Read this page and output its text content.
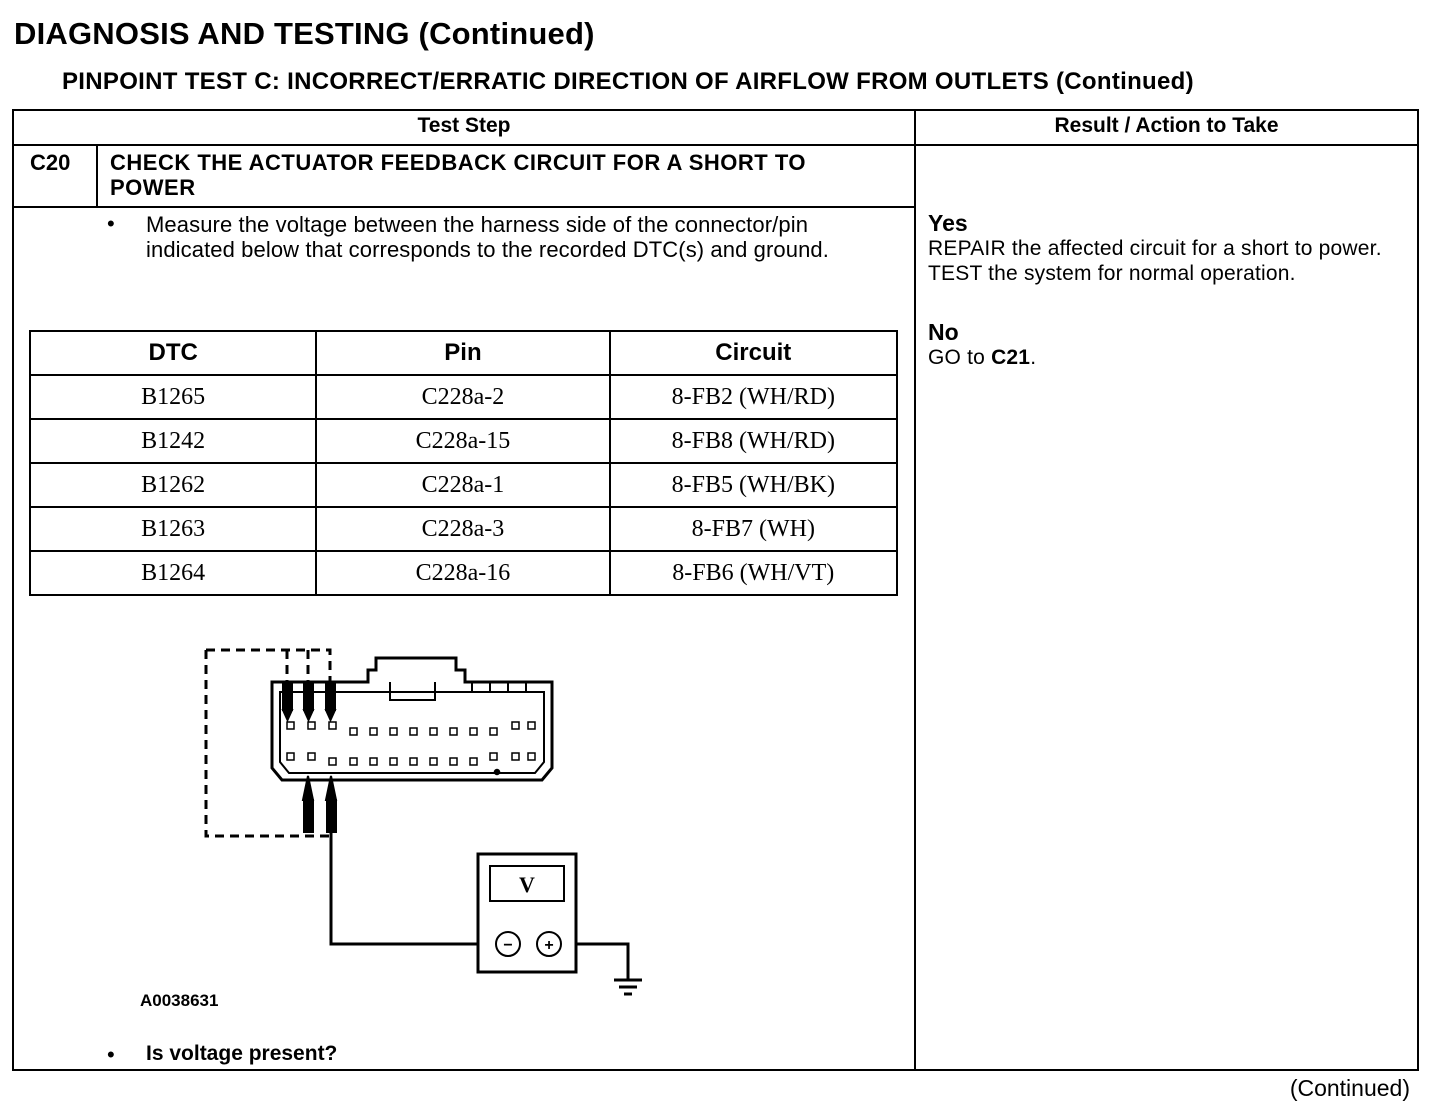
DIAGNOSIS AND TESTING (Continued)
PINPOINT TEST C: INCORRECT/ERRATIC DIRECTION OF AIRFLOW FROM OUTLETS (Continued)
Test Step	Result / Action to Take
C20 CHECK THE ACTUATOR FEEDBACK CIRCUIT FOR A SHORT TO POWER
• Measure the voltage between the harness side of the connector/pin indicated below that corresponds to the recorded DTC(s) and ground.
DTC	Pin	Circuit
B1265	C228a-2	8-FB2 (WH/RD)
B1242	C228a-15	8-FB8 (WH/RD)
B1262	C228a-1	8-FB5 (WH/BK)
B1263	C228a-3	8-FB7 (WH)
B1264	C228a-16	8-FB6 (WH/VT)
V
− +
A0038631
• Is voltage present?
Yes
REPAIR the affected circuit for a short to power. TEST the system for normal operation.
No
GO to C21.
(Continued)
